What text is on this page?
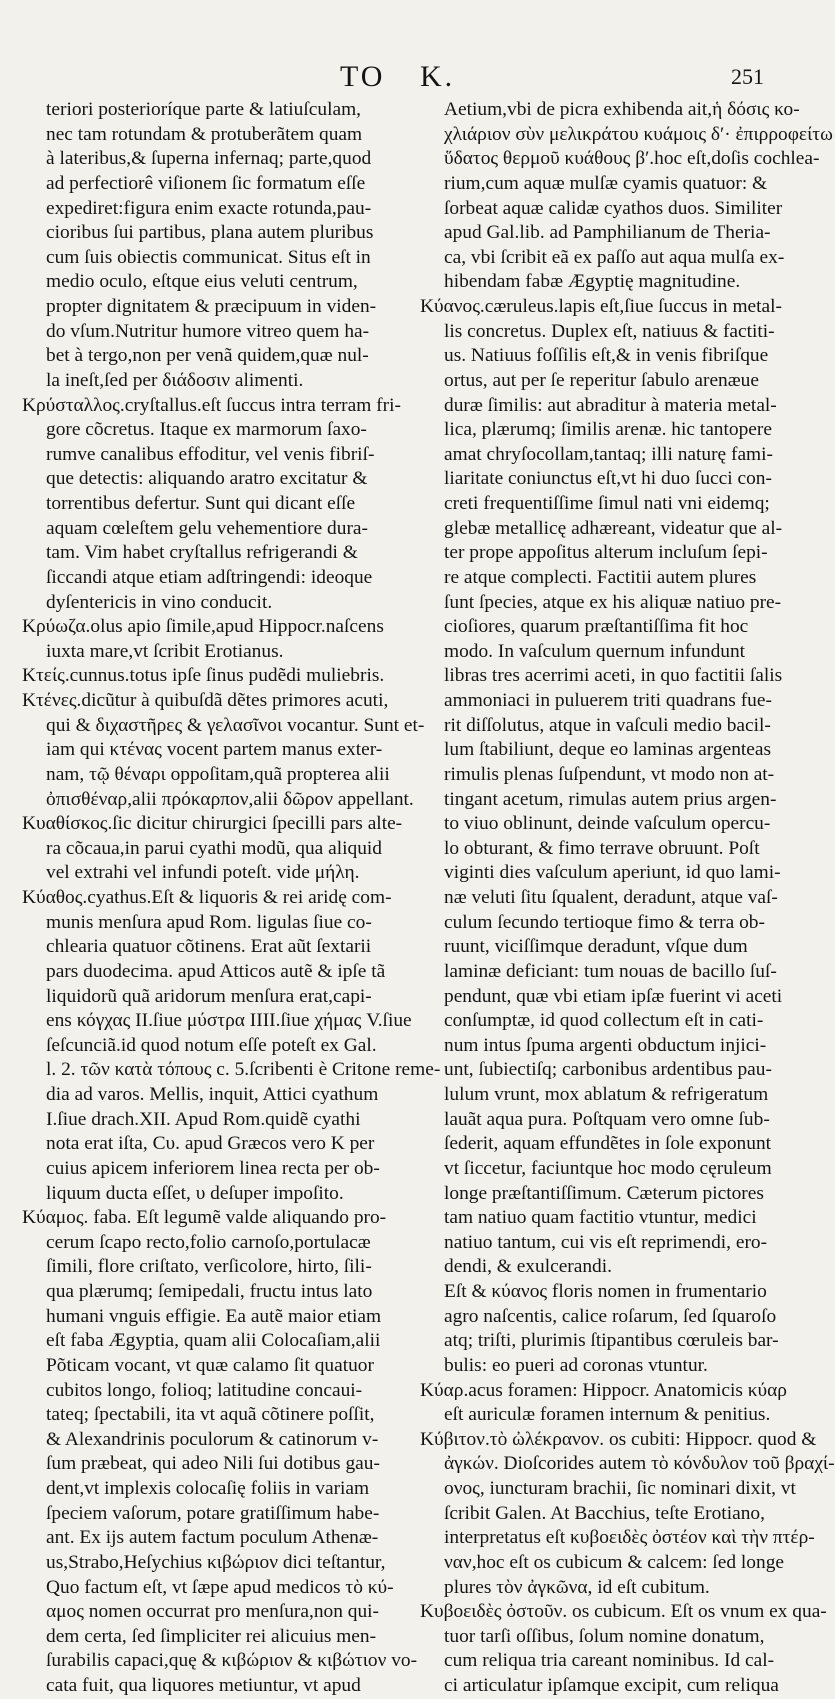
TO K.	251
teriori posterioríque parte & latiuſculam,
nec tam rotundam & protuberãtem quam
à lateribus,& ſuperna infernaq; parte,quod
ad perfectiorê viſionem ſic formatum eſſe
expediret:figura enim exacte rotunda,pau-
cioribus ſui partibus, plana autem pluribus
cum ſuis obiectis communicat. Situs eſt in
medio oculo, eſtque eius veluti centrum,
propter dignitatem & præcipuum in viden-
do vſum.Nutritur humore vitreo quem ha-
bet à tergo,non per venã quidem,quæ nul-
la ineſt,ſed per διάδοσιν alimenti.
Κρύσταλλος.cryſtallus.eſt ſuccus intra terram fri-
gore cõcretus. Itaque ex marmorum ſaxo-
rumve canalibus effoditur, vel venis fibriſ-
que detectis: aliquando aratro excitatur &
torrentibus defertur. Sunt qui dicant eſſe
aquam cœleſtem gelu vehementiore dura-
tam. Vim habet cryſtallus refrigerandi &
ſiccandi atque etiam adſtringendi: ideoque
dyſentericis in vino conducit.
Κρύωζα.olus apio ſimile,apud Hippocr.naſcens
iuxta mare,vt ſcribit Erotianus.
Κτείς.cunnus.totus ipſe ſinus pudẽdi muliebris.
Κτένες.dicũtur à quibuſdã dẽtes primores acuti,
qui & διχαστῆρες & γελασῖνοι vocantur. Sunt et-
iam qui κτένας vocent partem manus exter-
nam, τῷ θέναρι oppoſitam,quã propterea alii
ὀπισθέναρ,alii πρόκαρπον,alii δῶρον appellant.
Κυαθίσκος.ſic dicitur chirurgici ſpecilli pars alte-
ra cõcaua,in parui cyathi modũ, qua aliquid
vel extrahi vel infundi poteſt. vide μήλη.
Κύαθος.cyathus.Eſt & liquoris & rei aridę com-
munis menſura apud Rom. ligulas ſiue co-
chlearia quatuor cõtinens. Erat aũt ſextarii
pars duodecima. apud Atticos autẽ & ipſe tã
liquidorũ quã aridorum menſura erat,capi-
ens κόγχας II.ſiue μύστρα IIII.ſiue χήμας V.ſiue
ſeſcunciã.id quod notum eſſe poteſt ex Gal.
l. 2. τῶν κατὰ τόπους c. 5.ſcribenti è Critone reme-
dia ad varos. Mellis, inquit, Attici cyathum
I.ſiue drach.XII. Apud Rom.quidẽ cyathi
nota erat iſta, Cυ. apud Græcos vero K per
cuius apicem inferiorem linea recta per ob-
liquum ducta eſſet, υ deſuper impoſito.
Κύαμος. faba. Eſt legumẽ valde aliquando pro-
cerum ſcapo recto,folio carnoſo,portulacæ
ſimili, flore criſtato, verſicolore, hirto, ſili-
qua plærumq; ſemipedali, fructu intus lato
humani vnguis effigie. Ea autẽ maior etiam
eſt faba Ægyptia, quam alii Colocaſiam,alii
Põticam vocant, vt quæ calamo ſit quatuor
cubitos longo, folioq; latitudine concaui-
tateq; ſpectabili, ita vt aquã cõtinere poſſit,
& Alexandrinis poculorum & catinorum v-
ſum præbeat, qui adeo Nili ſui dotibus gau-
dent,vt implexis colocaſię foliis in variam
ſpeciem vaſorum, potare gratiſſimum habe-
ant. Ex ijs autem factum poculum Athenæ-
us,Strabo,Heſychius κιβώριον dici teſtantur,
Quo factum eſt, vt ſæpe apud medicos τὸ κύ-
αμος nomen occurrat pro menſura,non qui-
dem certa, ſed ſimpliciter rei alicuius men-
ſurabilis capaci,quę & κιβώριον & κιβώτιον vo-
cata fuit, qua liquores metiuntur, vt apud
Aetium,vbi de picra exhibenda ait,ἡ δόσις κο-
χλιάριον σὺν μελικράτου κυάμοις δʹ· ἐπιρροφείτω
ὕδατος θερμοῦ κυάθους βʹ.hoc eſt,doſis cochlea-
rium,cum aquæ mulſæ cyamis quatuor: &
ſorbeat aquæ calidæ cyathos duos. Similiter
apud Gal.lib. ad Pamphilianum de Theria-
ca, vbi ſcribit eã ex paſſo aut aqua mulſa ex-
hibendam fabæ Ægyptię magnitudine.
Κύανος.cæruleus.lapis eſt,ſiue ſuccus in metal-
lis concretus. Duplex eſt, natiuus & factiti-
us. Natiuus foſſilis eſt,& in venis fibriſque
ortus, aut per ſe reperitur ſabulo arenæue
duræ ſimilis: aut abraditur à materia metal-
lica, plærumq; ſimilis arenæ. hic tantopere
amat chryſocollam,tantaq; illi naturę fami-
liaritate coniunctus eſt,vt hi duo ſucci con-
creti frequentiſſime ſimul nati vni eidemq;
glebæ metallicę adhæreant, videatur que al-
ter prope appoſitus alterum incluſum ſepi-
re atque complecti. Factitii autem plures
ſunt ſpecies, atque ex his aliquæ natiuo pre-
cioſiores, quarum præſtantiſſima fit hoc
modo. In vaſculum quernum infundunt
libras tres acerrimi aceti, in quo factitii ſalis
ammoniaci in puluerem triti quadrans fue-
rit diſſolutus, atque in vaſculi medio bacil-
lum ſtabiliunt, deque eo laminas argenteas
rimulis plenas ſuſpendunt, vt modo non at-
tingant acetum, rimulas autem prius argen-
to viuo oblinunt, deinde vaſculum opercu-
lo obturant, & fimo terrave obruunt. Poſt
viginti dies vaſculum aperiunt, id quo lami-
næ veluti ſitu ſqualent, deradunt, atque vaſ-
culum ſecundo tertioque fimo & terra ob-
ruunt, viciſſimque deradunt, vſque dum
laminæ deficiant: tum nouas de bacillo ſuſ-
pendunt, quæ vbi etiam ipſæ fuerint vi aceti
conſumptæ, id quod collectum eſt in cati-
num intus ſpuma argenti obductum injici-
unt, ſubiectiſq; carbonibus ardentibus pau-
lulum vrunt, mox ablatum & refrigeratum
lauãt aqua pura. Poſtquam vero omne ſub-
ſederit, aquam effundẽtes in ſole exponunt
vt ſiccetur, faciuntque hoc modo cęruleum
longe præſtantiſſimum. Cæterum pictores
tam natiuo quam factitio vtuntur, medici
natiuo tantum, cui vis eſt reprimendi, ero-
dendi, & exulcerandi.
Eſt & κύανος floris nomen in frumentario
agro naſcentis, calice roſarum, ſed ſquaroſo
atq; triſti, plurimis ſtipantibus cœruleis bar-
bulis: eo pueri ad coronas vtuntur.
Κύαρ.acus foramen: Hippocr. Anatomicis κύαρ
eſt auriculæ foramen internum & penitius.
Κύβιτον.τὸ ὠλέκρανον. os cubiti: Hippocr. quod &
ἀγκών. Dioſcorides autem τὸ κόνδυλον τοῦ βραχί-
ονος, iuncturam brachii, ſic nominari dixit, vt
ſcribit Galen. At Bacchius, teſte Erotiano,
interpretatus eſt κυβοειδὲς ὀστέον καὶ τὴν πτέρ-
ναν,hoc eſt os cubicum & calcem: ſed longe
plures τὸν ἀγκῶνα, id eſt cubitum.
Κυβοειδὲς ὀστοῦν. os cubicum. Eſt os vnum ex qua-
tuor tarſi oſſibus, ſolum nomine donatum,
cum reliqua tria careant nominibus. Id cal-
ci articulatur ipſamque excipit, cum reliqua
